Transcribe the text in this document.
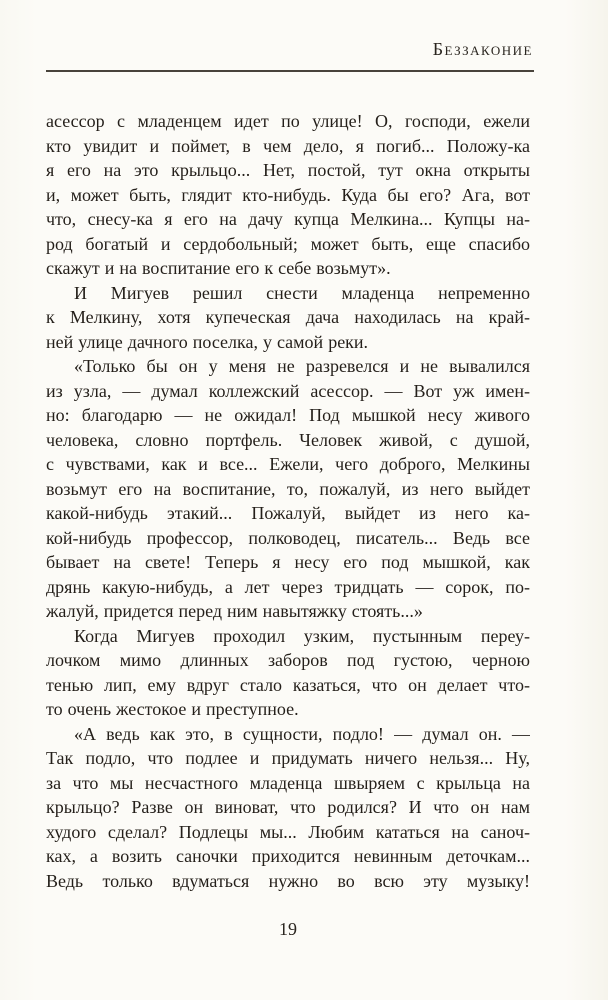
Беззаконие
асессор с младенцем идет по улице! О, господи, ежели
кто увидит и поймет, в чем дело, я погиб... Положу-ка
я его на это крыльцо... Нет, постой, тут окна открыты
и, может быть, глядит кто-нибудь. Куда бы его? Ага, вот
что, снесу-ка я его на дачу купца Мелкина... Купцы на-
род богатый и сердобольный; может быть, еще спасибо
скажут и на воспитание его к себе возьмут».
И Мигуев решил снести младенца непременно
к Мелкину, хотя купеческая дача находилась на край-
ней улице дачного поселка, у самой реки.
«Только бы он у меня не разревелся и не вывалился
из узла, — думал коллежский асессор. — Вот уж имен-
но: благодарю — не ожидал! Под мышкой несу живого
человека, словно портфель. Человек живой, с душой,
с чувствами, как и все... Ежели, чего доброго, Мелкины
возьмут его на воспитание, то, пожалуй, из него выйдет
какой-нибудь этакий... Пожалуй, выйдет из него ка-
кой-нибудь профессор, полководец, писатель... Ведь все
бывает на свете! Теперь я несу его под мышкой, как
дрянь какую-нибудь, а лет через тридцать — сорок, по-
жалуй, придется перед ним навытяжку стоять...»
Когда Мигуев проходил узким, пустынным переу-
лочком мимо длинных заборов под густою, черною
тенью лип, ему вдруг стало казаться, что он делает что-
то очень жестокое и преступное.
«А ведь как это, в сущности, подло! — думал он. —
Так подло, что подлее и придумать ничего нельзя... Ну,
за что мы несчастного младенца швыряем с крыльца на
крыльцо? Разве он виноват, что родился? И что он нам
худого сделал? Подлецы мы... Любим кататься на саноч-
ках, а возить саночки приходится невинным деточкам...
Ведь только вдуматься нужно во всю эту музыку!
19
